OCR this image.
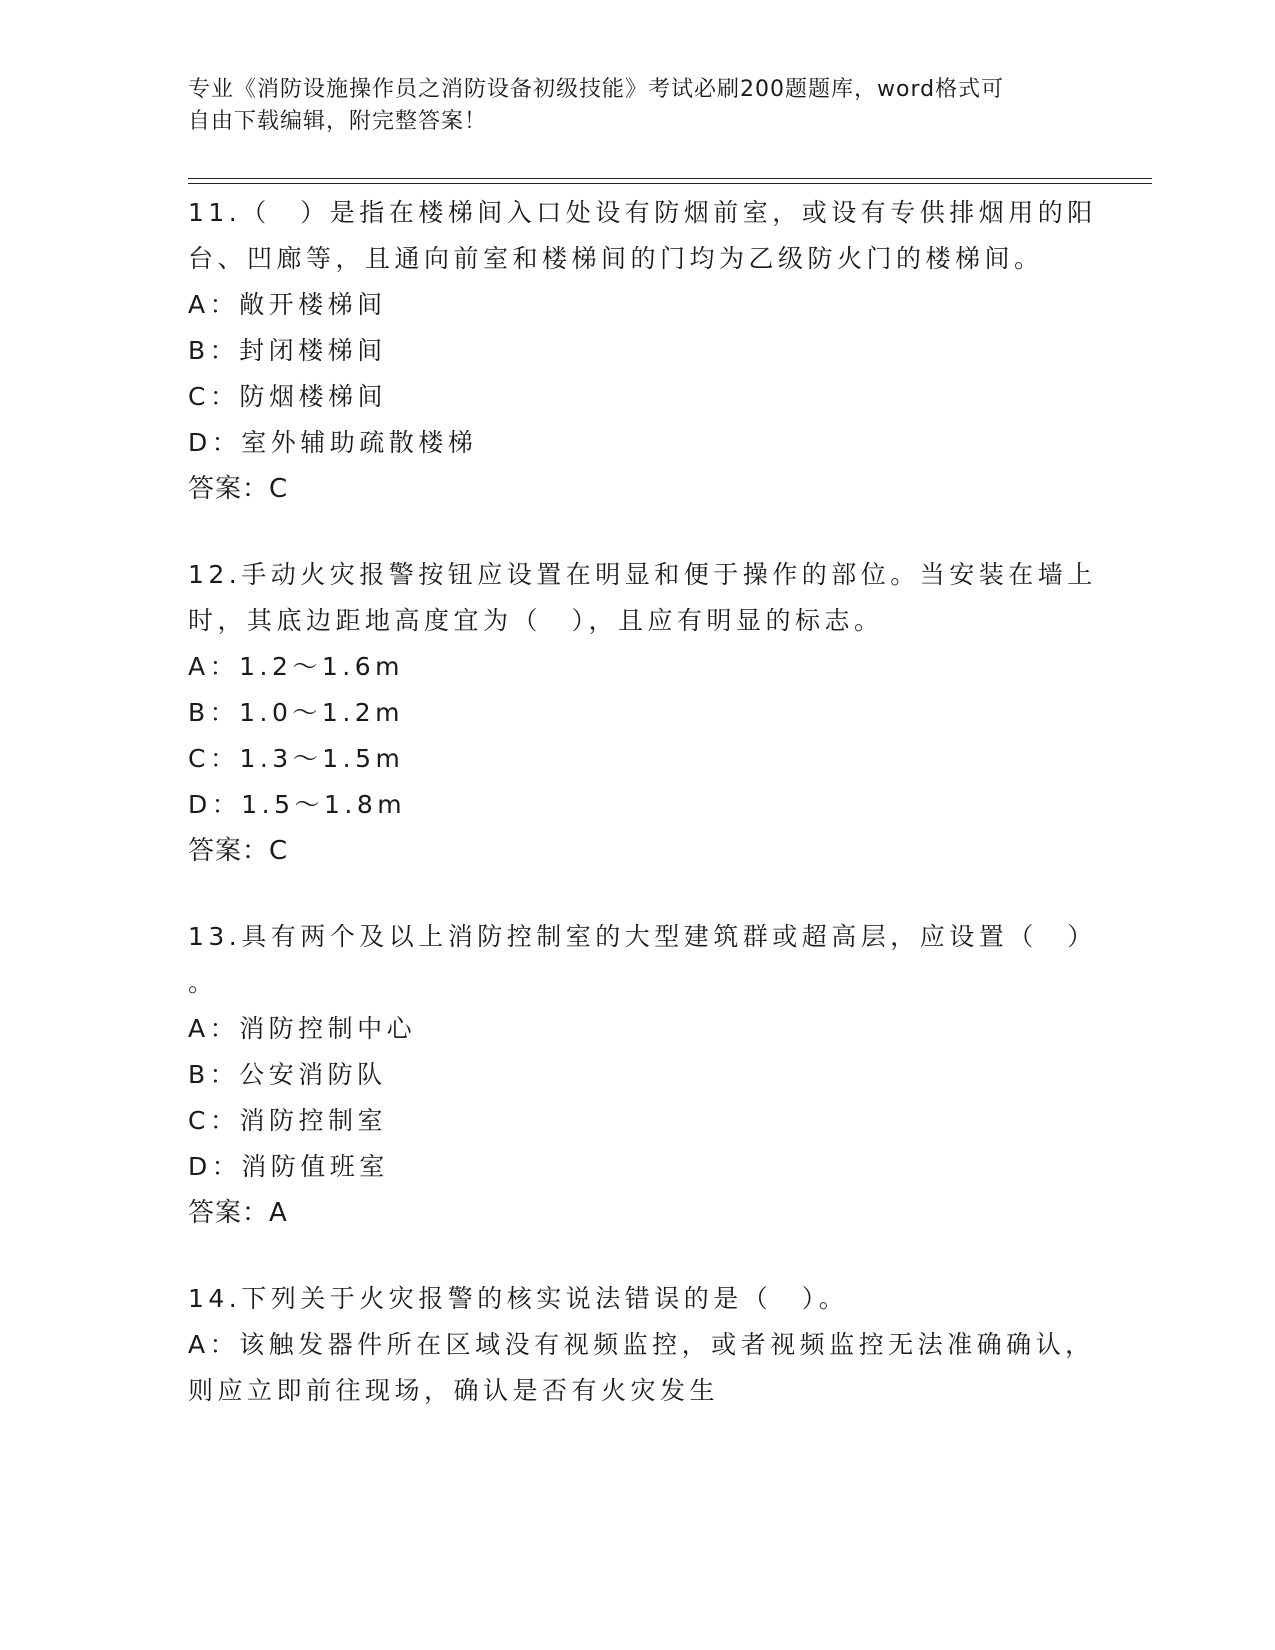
专业《消防设施操作员之消防设备初级技能》考试必刷200题题库，word格式可
自由下载编辑，附完整答案！
11.（　）是指在楼梯间入口处设有防烟前室，或设有专供排烟用的阳
台、凹廊等，且通向前室和楼梯间的门均为乙级防火门的楼梯间。
A：敞开楼梯间
B：封闭楼梯间
C：防烟楼梯间
D：室外辅助疏散楼梯
答案：C
12.手动火灾报警按钮应设置在明显和便于操作的部位。当安装在墙上
时，其底边距地高度宜为（　），且应有明显的标志。
A：1.2～1.6m
B：1.0～1.2m
C：1.3～1.5m
D：1.5～1.8m
答案：C
13.具有两个及以上消防控制室的大型建筑群或超高层，应设置（　）
。
A：消防控制中心
B：公安消防队
C：消防控制室
D：消防值班室
答案：A
14.下列关于火灾报警的核实说法错误的是（　）。
A：该触发器件所在区域没有视频监控，或者视频监控无法准确确认，
则应立即前往现场，确认是否有火灾发生
